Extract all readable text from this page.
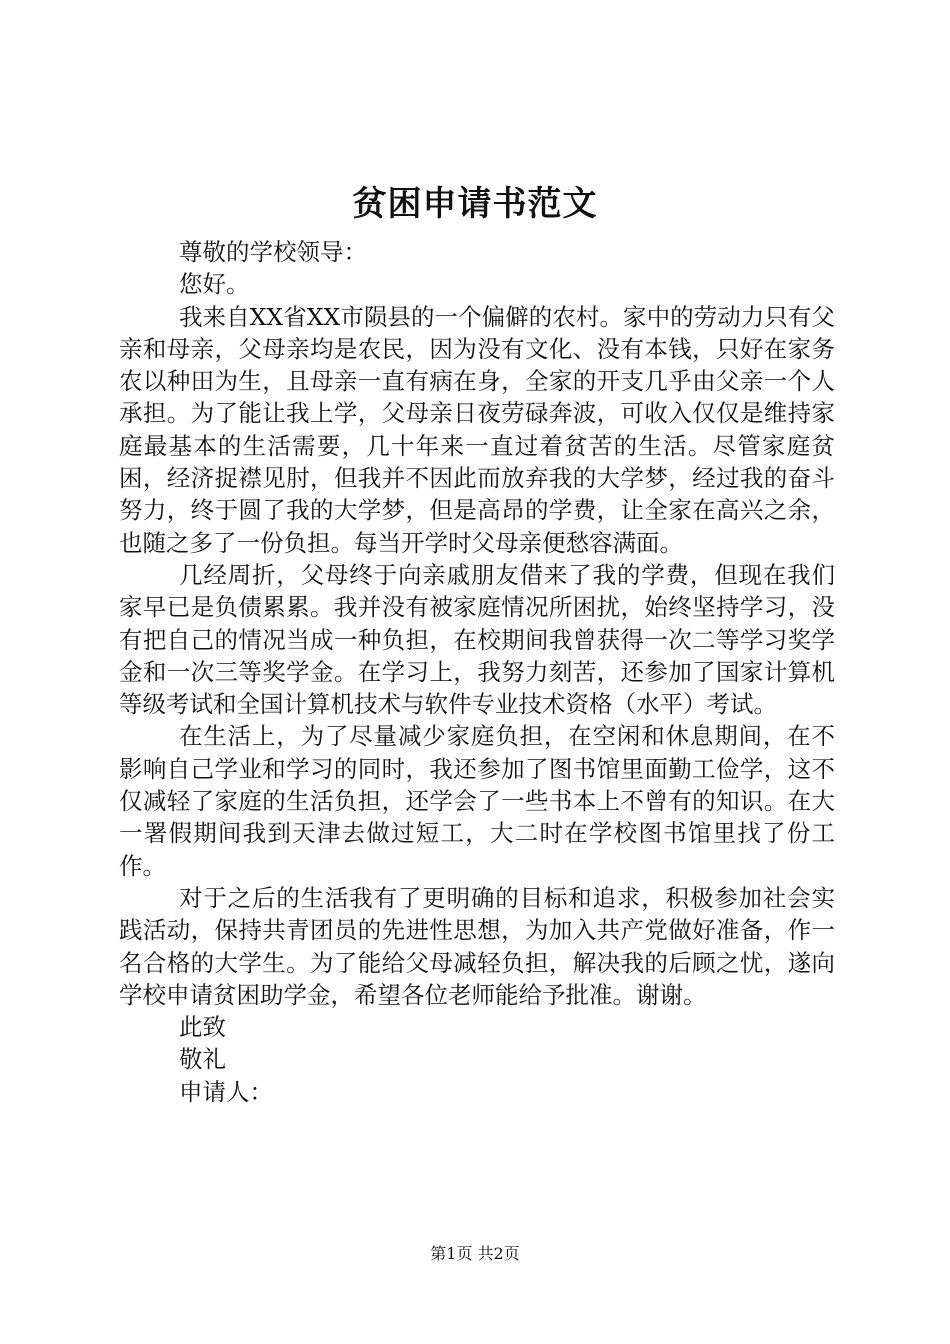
贫困申请书范文
尊敬的学校领导：
您好。

我来自XX省XX市陨县的一个偏僻的农村。家中的劳动力只有父亲和母亲，父母亲均是农民，因为没有文化、没有本钱，只好在家务农以种田为生，且母亲一直有病在身，全家的开支几乎由父亲一个人承担。为了能让我上学，父母亲日夜劳碌奔波，可收入仅仅是维持家庭最基本的生活需要，几十年来一直过着贫苦的生活。尽管家庭贫困，经济捉襟见肘，但我并不因此而放弃我的大学梦，经过我的奋斗努力，终于圆了我的大学梦，但是高昂的学费，让全家在高兴之余，也随之多了一份负担。每当开学时父母亲便愁容满面。

几经周折，父母终于向亲戚朋友借来了我的学费，但现在我们家早已是负债累累。我并没有被家庭情况所困扰，始终坚持学习，没有把自己的情况当成一种负担，在校期间我曾获得一次二等学习奖学金和一次三等奖学金。在学习上，我努力刻苦，还参加了国家计算机等级考试和全国计算机技术与软件专业技术资格（水平）考试。

在生活上，为了尽量减少家庭负担，在空闲和休息期间，在不影响自己学业和学习的同时，我还参加了图书馆里面勤工俭学，这不仅减轻了家庭的生活负担，还学会了一些书本上不曾有的知识。在大一署假期间我到天津去做过短工，大二时在学校图书馆里找了份工作。

对于之后的生活我有了更明确的目标和追求，积极参加社会实践活动，保持共青团员的先进性思想，为加入共产党做好准备，作一名合格的大学生。为了能给父母减轻负担，解决我的后顾之忧，遂向学校申请贫困助学金，希望各位老师能给予批准。谢谢。

此致
敬礼
申请人：
第1页 共2页
